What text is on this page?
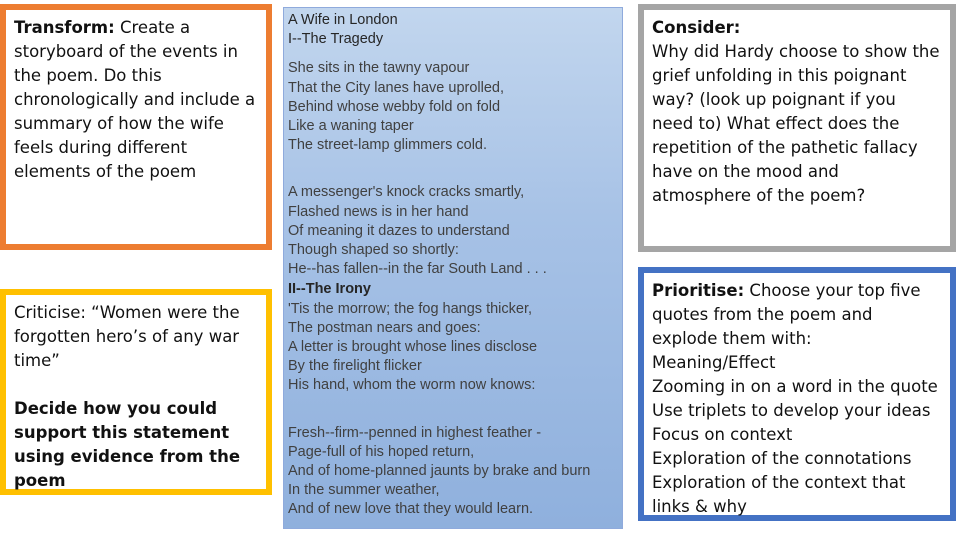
Transform: Create a storyboard of the events in the poem. Do this chronologically and include a summary of how the wife feels during different elements of the poem
Criticise: “Women were the forgotten hero’s of any war time”
Decide how you could support this statement using evidence from the poem
A Wife in London
I--The Tragedy
She sits in the tawny vapour
That the City lanes have uprolled,
Behind whose webby fold on fold
Like a waning taper
The street-lamp glimmers cold.
A messenger's knock cracks smartly,
Flashed news is in her hand
Of meaning it dazes to understand
Though shaped so shortly:
He--has fallen--in the far South Land . . .
II--The Irony
'Tis the morrow; the fog hangs thicker,
The postman nears and goes:
A letter is brought whose lines disclose
By the firelight flicker
His hand, whom the worm now knows:
Fresh--firm--penned in highest feather -
Page-full of his hoped return,
And of home-planned jaunts by brake and burn
In the summer weather,
And of new love that they would learn.
Consider:
Why did Hardy choose to show the grief unfolding in this poignant way? (look up poignant if you need to) What effect does the repetition of the pathetic fallacy have on the mood and atmosphere of the poem?
Prioritise: Choose your top five quotes from the poem and explode them with:
Meaning/Effect
Zooming in on a word in the quote
Use triplets to develop your ideas
Focus on context
Exploration of the connotations
Exploration of the context that links & why
